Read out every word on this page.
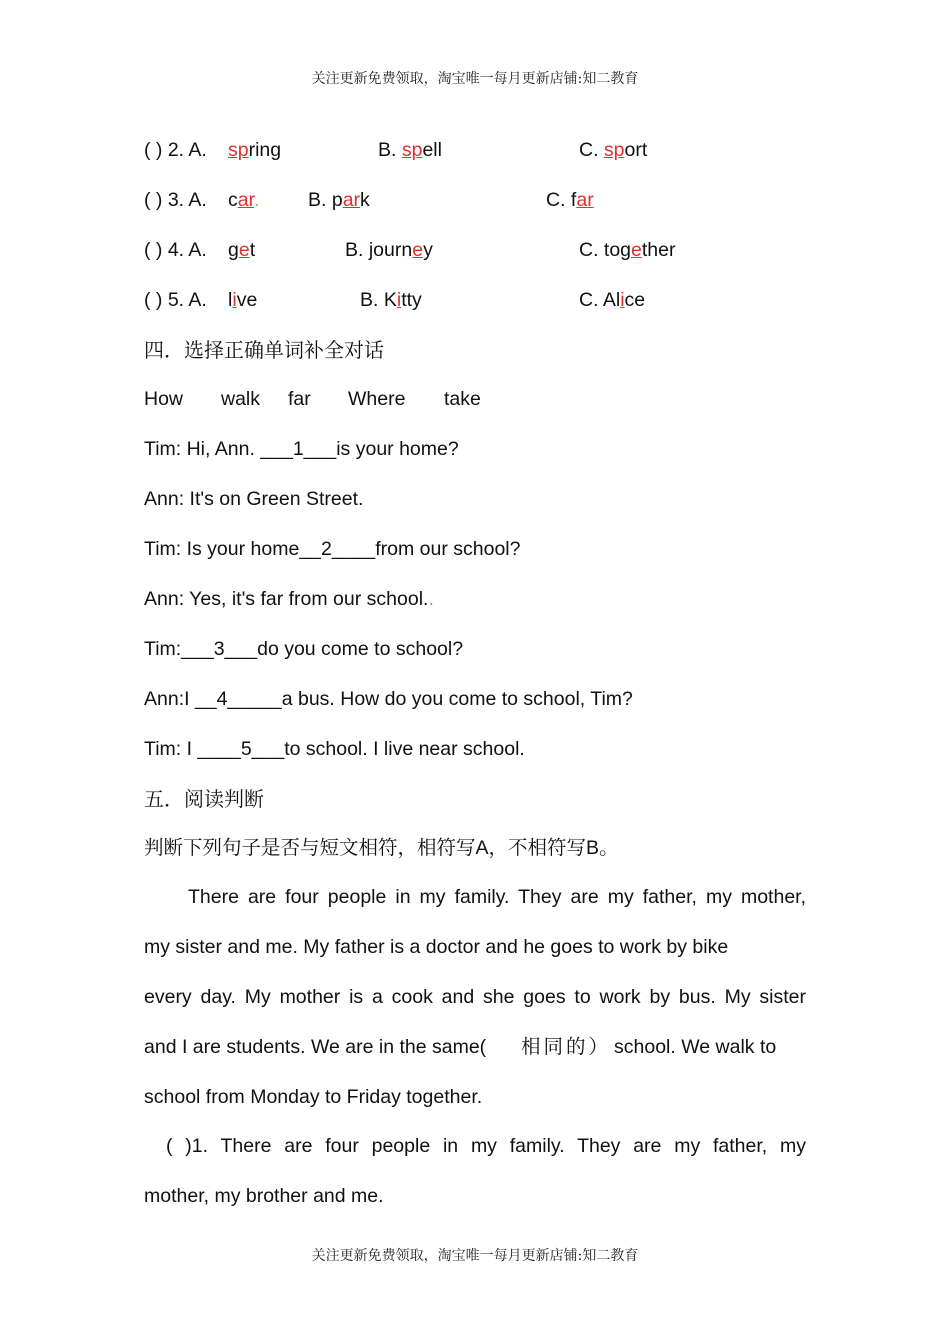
关注更新免费领取，淘宝唯一每月更新店铺:知二教育
( ) 2. A. spring	B. spell	C. sport
( ) 3. A. car. B. park	C. far
( ) 4. A. get	B. journey	C. together
( ) 5. A. live	B. Kitty	C. Alice
四．选择正确单词补全对话
How walk far Where take
Tim: Hi, Ann. ___1___is your home?
Ann: It's on Green Street.
Tim: Is your home__2____from our school?
Ann: Yes, it's far from our school..
Tim:___3___do you come to school?
Ann:I __4_____a bus. How do you come to school, Tim?
Tim: I ____5___to school. I live near school.
五．阅读判断
判断下列句子是否与短文相符，相符写A，不相符写B。
There are four people in my family. They are my father, my mother,
my sister and me. My father is a doctor and he goes to work by bike
every day. My mother is a cook and she goes to work by bus. My sister
and I are students. We are in the same( 相同的） school. We walk to
school from Monday to Friday together.
( )1. There are four people in my family. They are my father, my
mother, my brother and me.
关注更新免费领取，淘宝唯一每月更新店铺:知二教育
